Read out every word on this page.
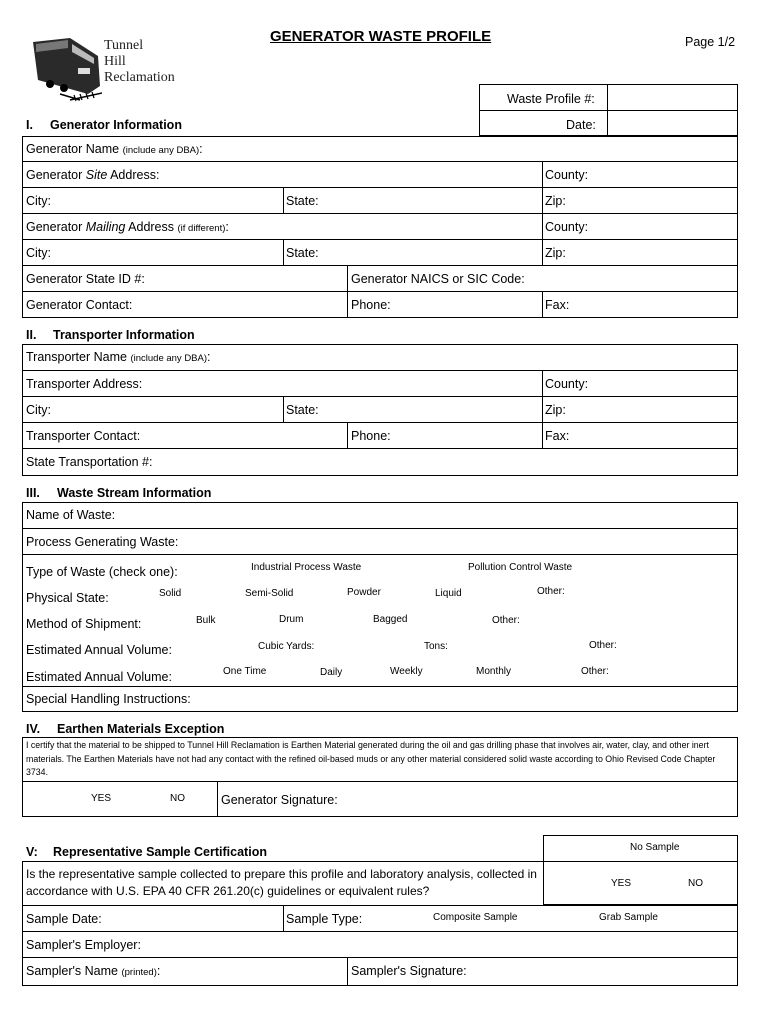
Tunnel
Hill
Reclamation
GENERATOR WASTE PROFILE	Page 1/2
Waste Profile #:
Date:
I. Generator Information
Generator Name (include any DBA):
Generator Site Address:	County:
City:	State:	Zip:
Generator Mailing Address (if different):	County:
City:	State:	Zip:
Generator State ID #:	Generator NAICS or SIC Code:
Generator Contact:	Phone:	Fax:
II. Transporter Information
Transporter Name (include any DBA):
Transporter Address:	County:
City:	State:	Zip:
Transporter Contact:	Phone:	Fax:
State Transportation #:
III. Waste Stream Information
Name of Waste:
Process Generating Waste:
Type of Waste (check one):	Industrial Process Waste	Pollution Control Waste
Physical State:	Solid	Semi-Solid	Powder	Liquid	Other:
Method of Shipment:	Bulk	Drum	Bagged	Other:
Estimated Annual Volume:	Cubic Yards:	Tons:	Other:
Estimated Annual Volume:	One Time	Daily	Weekly	Monthly	Other:
Special Handling Instructions:
IV. Earthen Materials Exception
I certify that the material to be shipped to Tunnel Hill Reclamation is Earthen Material generated during the oil and gas drilling phase that involves air, water, clay, and other inert materials. The Earthen Materials have not had any contact with the refined oil-based muds or any other material considered solid waste according to Ohio Revised Code Chapter 3734.
YES	NO	Generator Signature:
No Sample
YES	NO
V: Representative Sample Certification
Is the representative sample collected to prepare this profile and laboratory analysis, collected in
accordance with U.S. EPA 40 CFR 261.20(c) guidelines or equivalent rules?
Sample Date:	Sample Type:	Composite Sample	Grab Sample
Sampler's Employer:
Sampler's Name (printed):	Sampler's Signature:
